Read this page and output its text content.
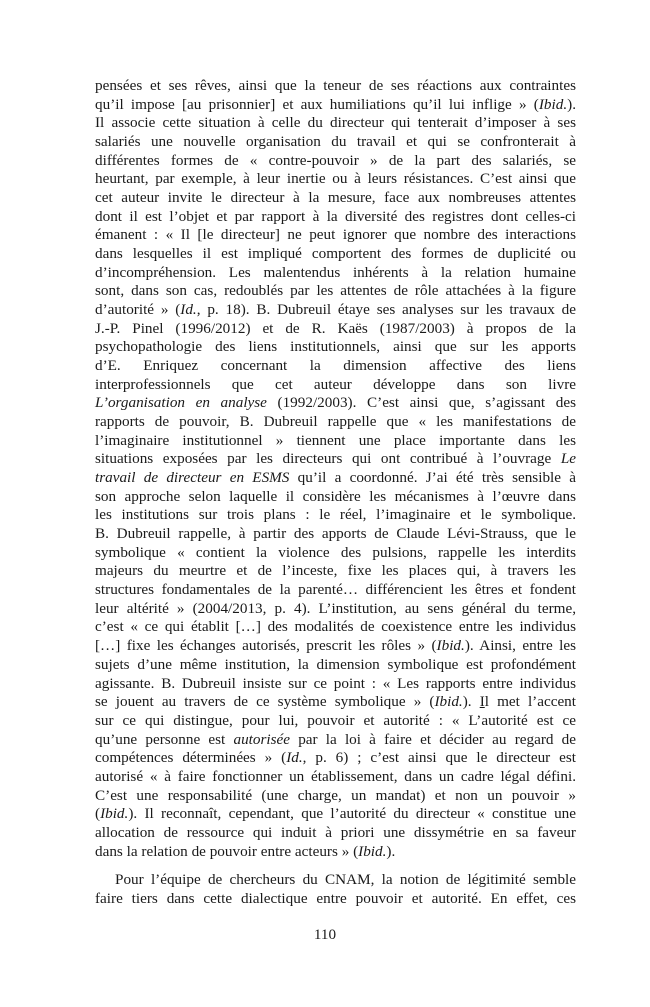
pensées et ses rêves, ainsi que la teneur de ses réactions aux contraintes
qu’il impose [au prisonnier] et aux humiliations qu’il lui inflige » (Ibid.).
Il associe cette situation à celle du directeur qui tenterait d’imposer à ses
salariés une nouvelle organisation du travail et qui se confronterait à
différentes formes de « contre-pouvoir » de la part des salariés, se
heurtant, par exemple, à leur inertie ou à leurs résistances. C’est ainsi que
cet auteur invite le directeur à la mesure, face aux nombreuses attentes
dont il est l’objet et par rapport à la diversité des registres dont celles-ci
émanent : « Il [le directeur] ne peut ignorer que nombre des interactions
dans lesquelles il est impliqué comportent des formes de duplicité ou
d’incompréhension. Les malentendus inhérents à la relation humaine
sont, dans son cas, redoublés par les attentes de rôle attachées à la figure
d’autorité » (Id., p. 18). B. Dubreuil étaye ses analyses sur les travaux de
J.-P. Pinel (1996/2012) et de R. Kaës (1987/2003) à propos de la
psychopathologie des liens institutionnels, ainsi que sur les apports
d’E. Enriquez concernant la dimension affective des liens
interprofessionnels que cet auteur développe dans son livre
L’organisation en analyse (1992/2003). C’est ainsi que, s’agissant des
rapports de pouvoir, B. Dubreuil rappelle que « les manifestations de
l’imaginaire institutionnel » tiennent une place importante dans les
situations exposées par les directeurs qui ont contribué à l’ouvrage Le
travail de directeur en ESMS qu’il a coordonné. J’ai été très sensible à
son approche selon laquelle il considère les mécanismes à l’œuvre dans
les institutions sur trois plans : le réel, l’imaginaire et le symbolique.
B. Dubreuil rappelle, à partir des apports de Claude Lévi-Strauss, que le
symbolique « contient la violence des pulsions, rappelle les interdits
majeurs du meurtre et de l’inceste, fixe les places qui, à travers les
structures fondamentales de la parenté… différencient les êtres et fondent
leur altérité » (2004/2013, p. 4). L’institution, au sens général du terme,
c’est « ce qui établit […] des modalités de coexistence entre les individus
[…] fixe les échanges autorisés, prescrit les rôles » (Ibid.). Ainsi, entre les
sujets d’une même institution, la dimension symbolique est profondément
agissante. B. Dubreuil insiste sur ce point : « Les rapports entre individus
se jouent au travers de ce système symbolique » (Ibid.). Il met l’accent
sur ce qui distingue, pour lui, pouvoir et autorité : « L’autorité est ce
qu’une personne est autorisée par la loi à faire et décider au regard de
compétences déterminées » (Id., p. 6) ; c’est ainsi que le directeur est
autorisé « à faire fonctionner un établissement, dans un cadre légal défini.
C’est une responsabilité (une charge, un mandat) et non un pouvoir »
(Ibid.). Il reconnaît, cependant, que l’autorité du directeur « constitue une
allocation de ressource qui induit à priori une dissymétrie en sa faveur
dans la relation de pouvoir entre acteurs » (Ibid.).
Pour l’équipe de chercheurs du CNAM, la notion de légitimité semble
faire tiers dans cette dialectique entre pouvoir et autorité. En effet, ces
110
